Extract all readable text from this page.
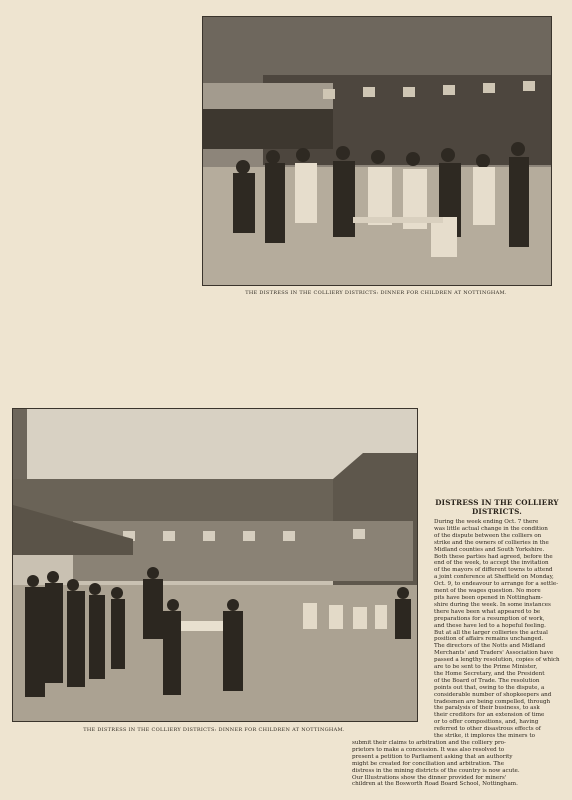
THE DISTRESS IN THE COLLIERY DISTRICTS: DINNER FOR CHILDREN AT NOTTINGHAM.
THE DISTRESS IN THE COLLIERY DISTRICTS: DINNER FOR CHILDREN AT NOTTINGHAM.
DISTRESS IN THE COLLIERY
DISTRICTS.
During the week ending Oct. 7 there
was little actual change in the condition
of the dispute between the colliers on
strike and the owners of collieries in the
Midland counties and South Yorkshire.
Both these parties had agreed, before the
end of the week, to accept the invitation
of the mayors of different towns to attend
a joint conference at Sheffield on Monday,
Oct. 9, to endeavour to arrange for a settle-
ment of the wages question. No more
pits have been opened in Nottingham-
shire during the week. In some instances
there have been what appeared to be
preparations for a resumption of work,
and these have led to a hopeful feeling.
But at all the larger collieries the actual
position of affairs remains unchanged.
The directors of the Notts and Midland
Merchants' and Traders' Association have
passed a lengthy resolution, copies of which
are to be sent to the Prime Minister,
the Home Secretary, and the President
of the Board of Trade. The resolution
points out that, owing to the dispute, a
considerable number of shopkeepers and
tradesmen are being compelled, through
the paralysis of their business, to ask
their creditors for an extension of time
or to offer compositions, and, having
referred to other disastrous effects of
the strike, it implores the miners to
submit their claims to arbitration and the colliery pro-
prietors to make a concession. It was also resolved to
present a petition to Parliament asking that an authority
might be created for conciliation and arbitration. The
distress in the mining districts of the country is now acute.
Our Illustrations show the dinner provided for miners'
children at the Bosworth Road Board School, Nottingham.
